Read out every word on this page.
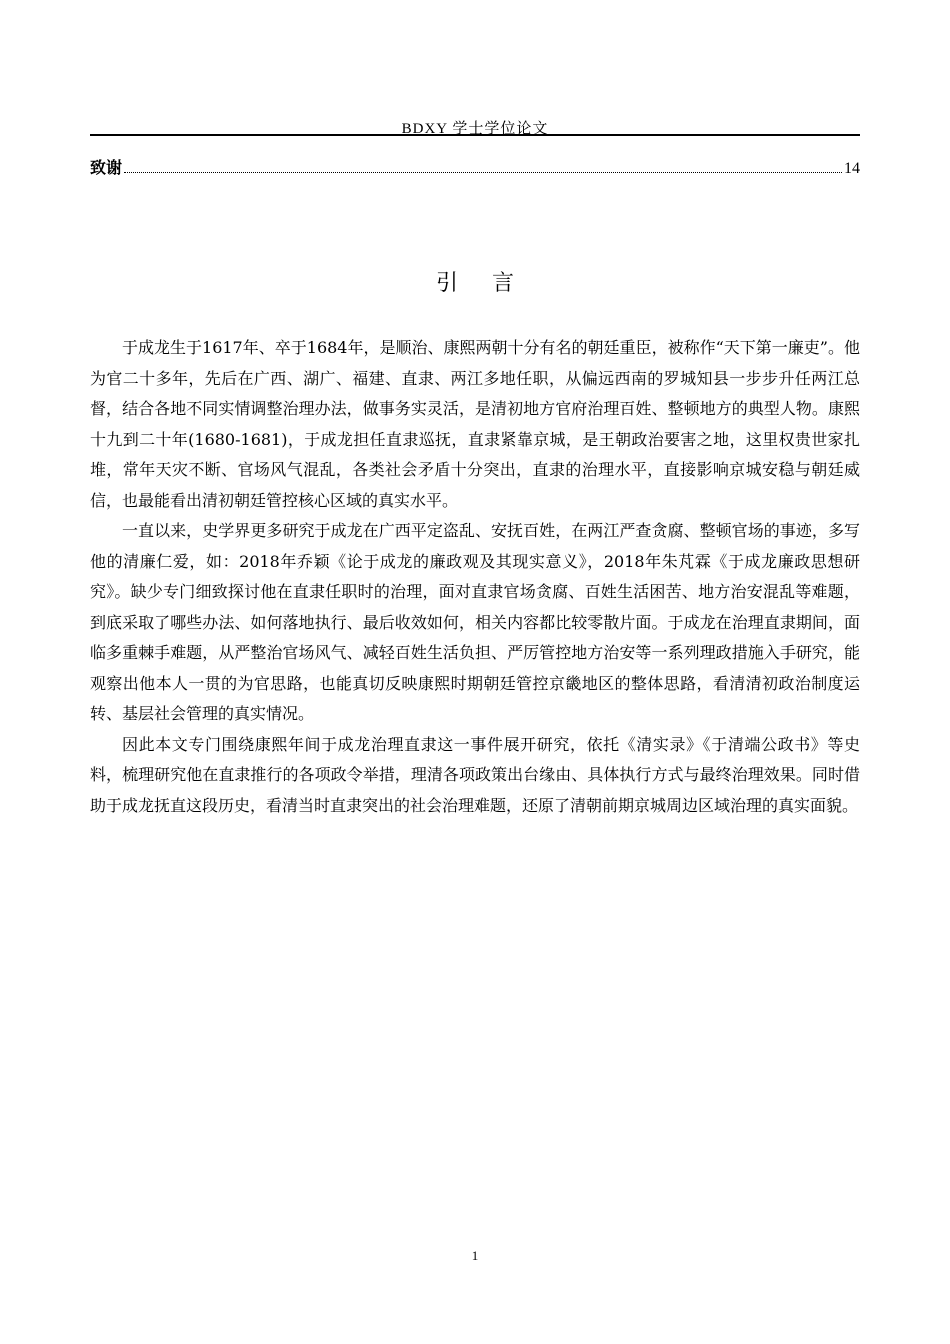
BDXY 学士学位论文
致谢	14
引言

于成龙生于1617年、卒于1684年，是顺治、康熙两朝十分有名的朝廷重臣，被称作“天下第一廉吏”。他为官二十多年，先后在广西、湖广、福建、直隶、两江多地任职，从偏远西南的罗城知县一步步升任两江总督，结合各地不同实情调整治理办法，做事务实灵活，是清初地方官府治理百姓、整顿地方的典型人物。康熙十九到二十年(1680-1681)，于成龙担任直隶巡抚，直隶紧靠京城，是王朝政治要害之地，这里权贵世家扎堆，常年天灾不断、官场风气混乱，各类社会矛盾十分突出，直隶的治理水平，直接影响京城安稳与朝廷威信，也最能看出清初朝廷管控核心区域的真实水平。

一直以来，史学界更多研究于成龙在广西平定盗乱、安抚百姓，在两江严查贪腐、整顿官场的事迹，多写他的清廉仁爱，如：2018年乔颖《论于成龙的廉政观及其现实意义》，2018年朱芃霖《于成龙廉政思想研究》。缺少专门细致探讨他在直隶任职时的治理，面对直隶官场贪腐、百姓生活困苦、地方治安混乱等难题，到底采取了哪些办法、如何落地执行、最后收效如何，相关内容都比较零散片面。于成龙在治理直隶期间，面临多重棘手难题，从严整治官场风气、减轻百姓生活负担、严厉管控地方治安等一系列理政措施入手研究，能观察出他本人一贯的为官思路，也能真切反映康熙时期朝廷管控京畿地区的整体思路，看清清初政治制度运转、基层社会管理的真实情况。

因此本文专门围绕康熙年间于成龙治理直隶这一事件展开研究，依托《清实录》《于清端公政书》等史料，梳理研究他在直隶推行的各项政令举措，理清各项政策出台缘由、具体执行方式与最终治理效果。同时借助于成龙抚直这段历史，看清当时直隶突出的社会治理难题，还原了清朝前期京城周边区域治理的真实面貌。

1
